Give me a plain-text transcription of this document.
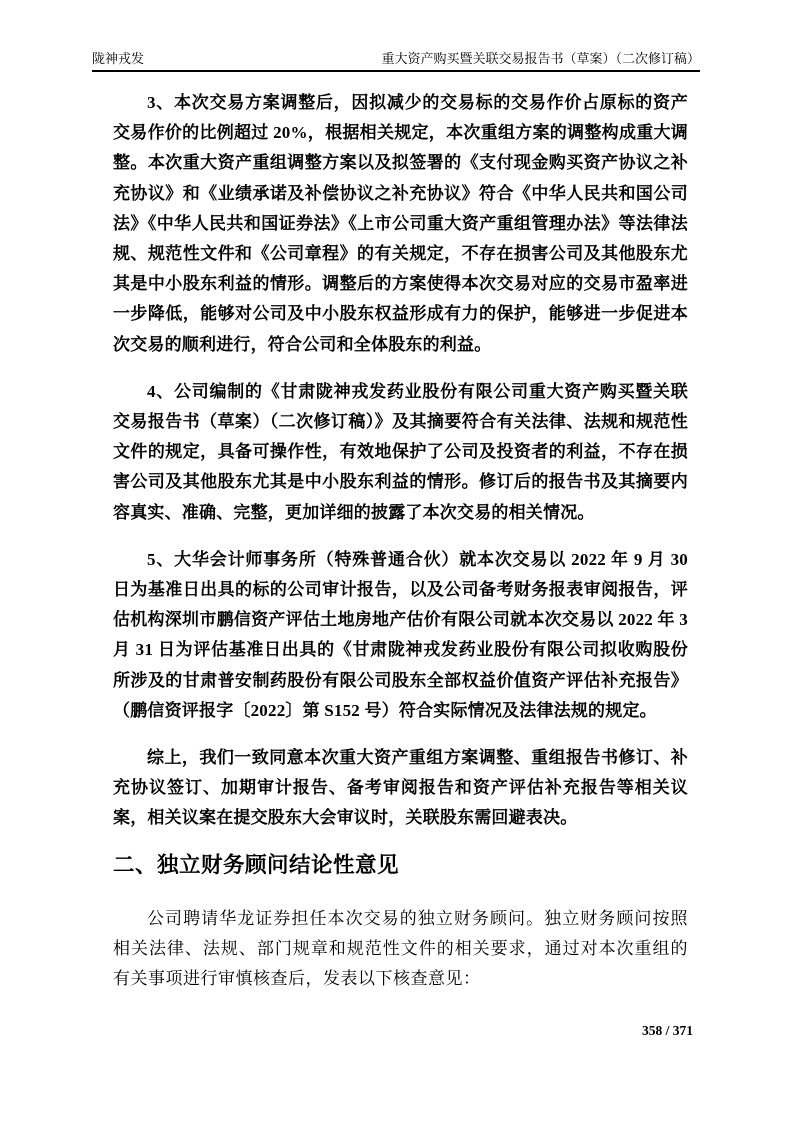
陇神戎发	重大资产购买暨关联交易报告书（草案）（二次修订稿）

3、本次交易方案调整后，因拟减少的交易标的交易作价占原标的资产交易作价的比例超过 20%，根据相关规定，本次重组方案的调整构成重大调整。本次重大资产重组调整方案以及拟签署的《支付现金购买资产协议之补充协议》和《业绩承诺及补偿协议之补充协议》符合《中华人民共和国公司法》《中华人民共和国证券法》《上市公司重大资产重组管理办法》等法律法规、规范性文件和《公司章程》的有关规定，不存在损害公司及其他股东尤其是中小股东利益的情形。调整后的方案使得本次交易对应的交易市盈率进一步降低，能够对公司及中小股东权益形成有力的保护，能够进一步促进本次交易的顺利进行，符合公司和全体股东的利益。

4、公司编制的《甘肃陇神戎发药业股份有限公司重大资产购买暨关联交易报告书（草案）（二次修订稿）》及其摘要符合有关法律、法规和规范性文件的规定，具备可操作性，有效地保护了公司及投资者的利益，不存在损害公司及其他股东尤其是中小股东利益的情形。修订后的报告书及其摘要内容真实、准确、完整，更加详细的披露了本次交易的相关情况。

5、大华会计师事务所（特殊普通合伙）就本次交易以 2022 年 9 月 30 日为基准日出具的标的公司审计报告，以及公司备考财务报表审阅报告，评估机构深圳市鹏信资产评估土地房地产估价有限公司就本次交易以 2022 年 3 月 31 日为评估基准日出具的《甘肃陇神戎发药业股份有限公司拟收购股份所涉及的甘肃普安制药股份有限公司股东全部权益价值资产评估补充报告》（鹏信资评报字〔2022〕第 S152 号）符合实际情况及法律法规的规定。

综上，我们一致同意本次重大资产重组方案调整、重组报告书修订、补充协议签订、加期审计报告、备考审阅报告和资产评估补充报告等相关议案，相关议案在提交股东大会审议时，关联股东需回避表决。

二、独立财务顾问结论性意见

公司聘请华龙证券担任本次交易的独立财务顾问。独立财务顾问按照相关法律、法规、部门规章和规范性文件的相关要求，通过对本次重组的有关事项进行审慎核查后，发表以下核查意见：

358 / 371
